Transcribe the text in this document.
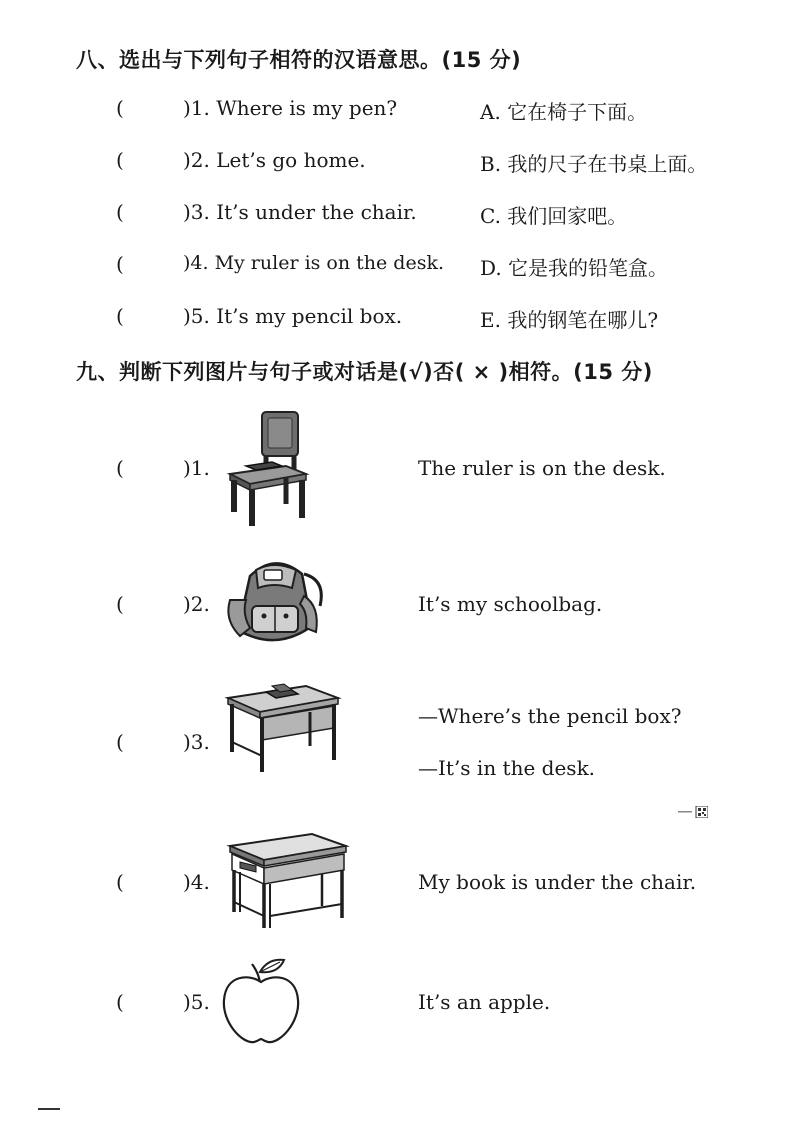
八、选出与下列句子相符的汉语意思。(15 分)
(	)1. Where is my pen?	A. 它在椅子下面。
(	)2. Let’s go home.	B. 我的尺子在书桌上面。
(	)3. It’s under the chair.	C. 我们回家吧。
(	)4. My ruler is on the desk. D. 它是我的铅笔盒。
(	)5. It’s my pencil box.	E. 我的钢笔在哪儿?
九、判断下列图片与句子或对话是(√)否( × )相符。(15 分)
(	)1.	The ruler is on the desk.
(	)2.	It’s my schoolbag.
(	)3.
—Where’s the pencil box?
—It’s in the desk.
(	)4.	My book is under the chair.
(	)5.	It’s an apple.
